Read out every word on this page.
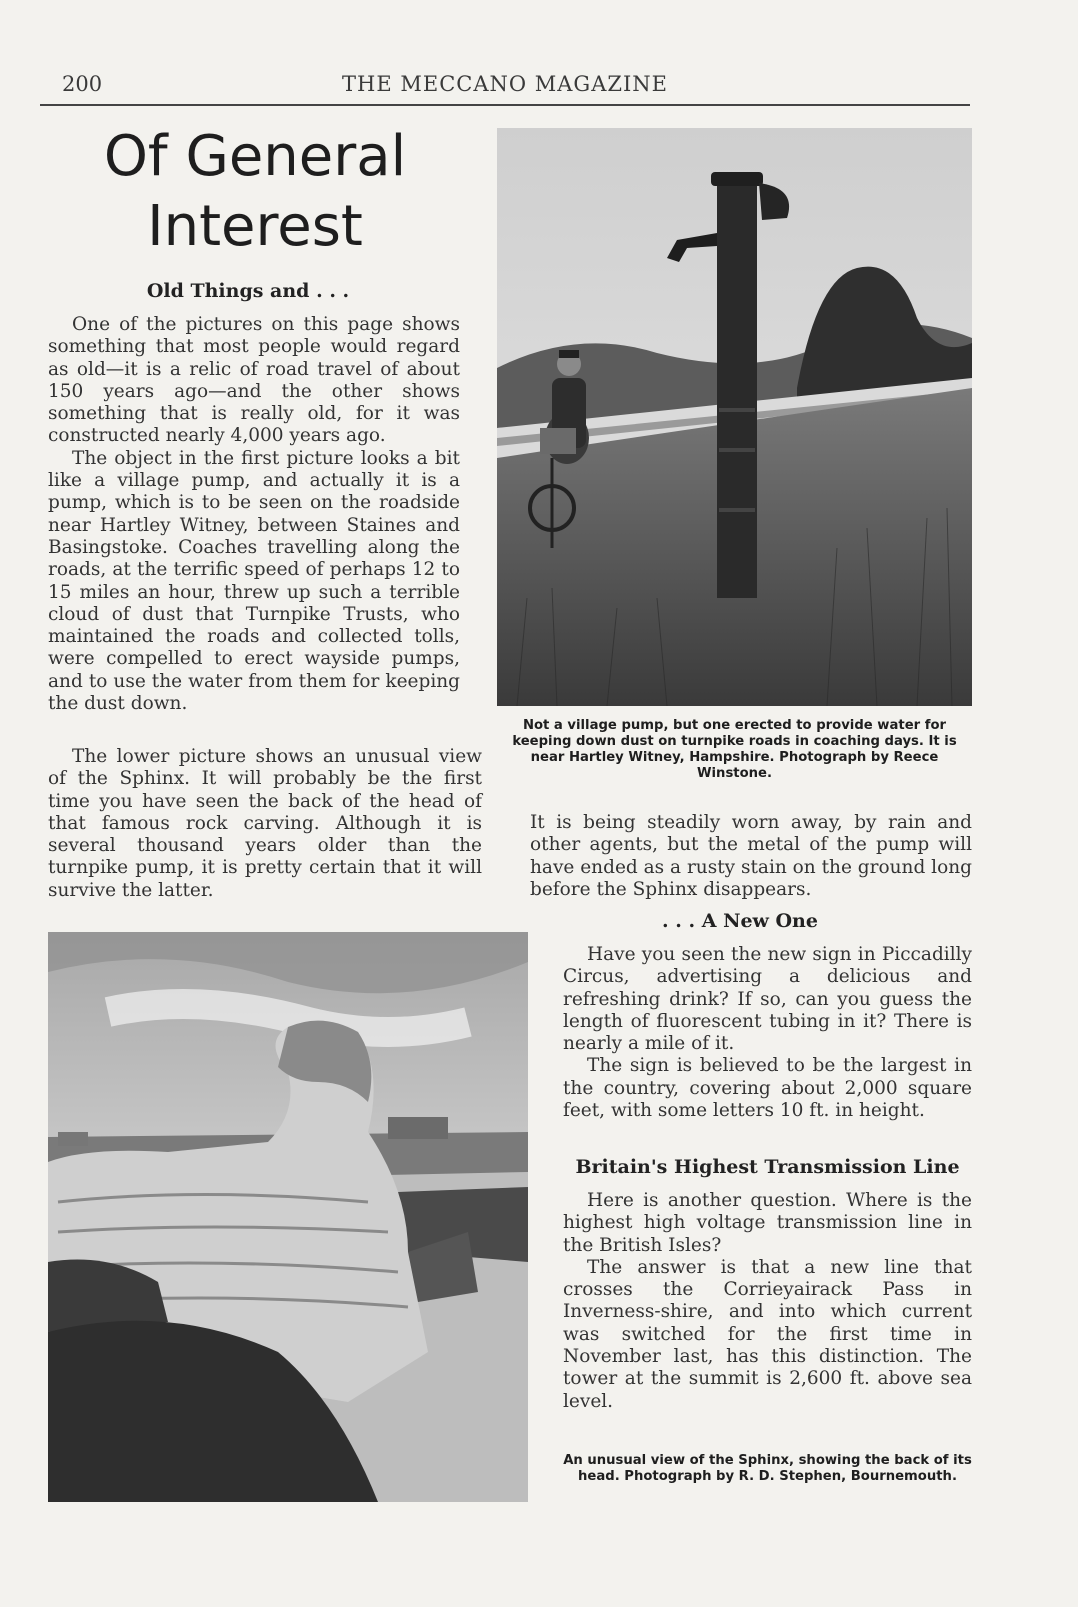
200	THE MECCANO MAGAZINE
Of General
Interest
Old Things and . . .

One of the pictures on this page shows something that most people would regard as old—it is a relic of road travel of about 150 years ago—and the other shows something that is really old, for it was constructed nearly 4,000 years ago.

The object in the first picture looks a bit like a village pump, and actually it is a pump, which is to be seen on the roadside near Hartley Witney, between Staines and Basingstoke. Coaches travelling along the roads, at the terrific speed of perhaps 12 to 15 miles an hour, threw up such a terrible cloud of dust that Turnpike Trusts, who maintained the roads and collected tolls, were compelled to erect wayside pumps, and to use the water from them for keeping the dust down.

The lower picture shows an unusual view of the Sphinx. It will probably be the first time you have seen the back of the head of that famous rock carving. Although it is several thousand years older than the turnpike pump, it is pretty certain that it will survive the latter.

Not a village pump, but one erected to provide water for keeping down dust on turnpike roads in coaching days. It is near Hartley Witney, Hampshire. Photograph by Reece Winstone.

It is being steadily worn away, by rain and other agents, but the metal of the pump will have ended as a rusty stain on the ground long before the Sphinx disappears.

. . . A New One

Have you seen the new sign in Piccadilly Circus, advertising a delicious and refreshing drink? If so, can you guess the length of fluorescent tubing in it? There is nearly a mile of it.

The sign is believed to be the largest in the country, covering about 2,000 square feet, with some letters 10 ft. in height.

Britain's Highest Transmission Line

Here is another question. Where is the highest high voltage transmission line in the British Isles?

The answer is that a new line that crosses the Corrieyairack Pass in Inverness-shire, and into which current was switched for the first time in November last, has this distinction. The tower at the summit is 2,600 ft. above sea level.

An unusual view of the Sphinx, showing the back of its head. Photograph by R. D. Stephen, Bournemouth.
